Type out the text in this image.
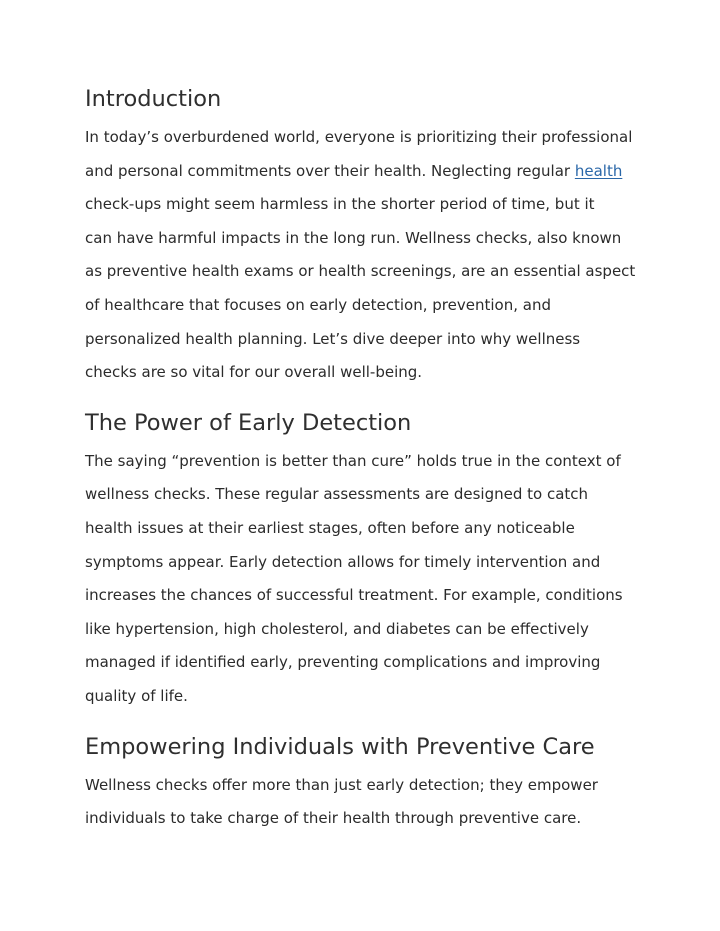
Introduction
In today’s overburdened world, everyone is prioritizing their professional
and personal commitments over their health. Neglecting regular health
check-ups might seem harmless in the shorter period of time, but it
can have harmful impacts in the long run. Wellness checks, also known
as preventive health exams or health screenings, are an essential aspect
of healthcare that focuses on early detection, prevention, and
personalized health planning. Let’s dive deeper into why wellness
checks are so vital for our overall well-being.
The Power of Early Detection
The saying “prevention is better than cure” holds true in the context of
wellness checks. These regular assessments are designed to catch
health issues at their earliest stages, often before any noticeable
symptoms appear. Early detection allows for timely intervention and
increases the chances of successful treatment. For example, conditions
like hypertension, high cholesterol, and diabetes can be effectively
managed if identified early, preventing complications and improving
quality of life.
Empowering Individuals with Preventive Care
Wellness checks offer more than just early detection; they empower
individuals to take charge of their health through preventive care.
